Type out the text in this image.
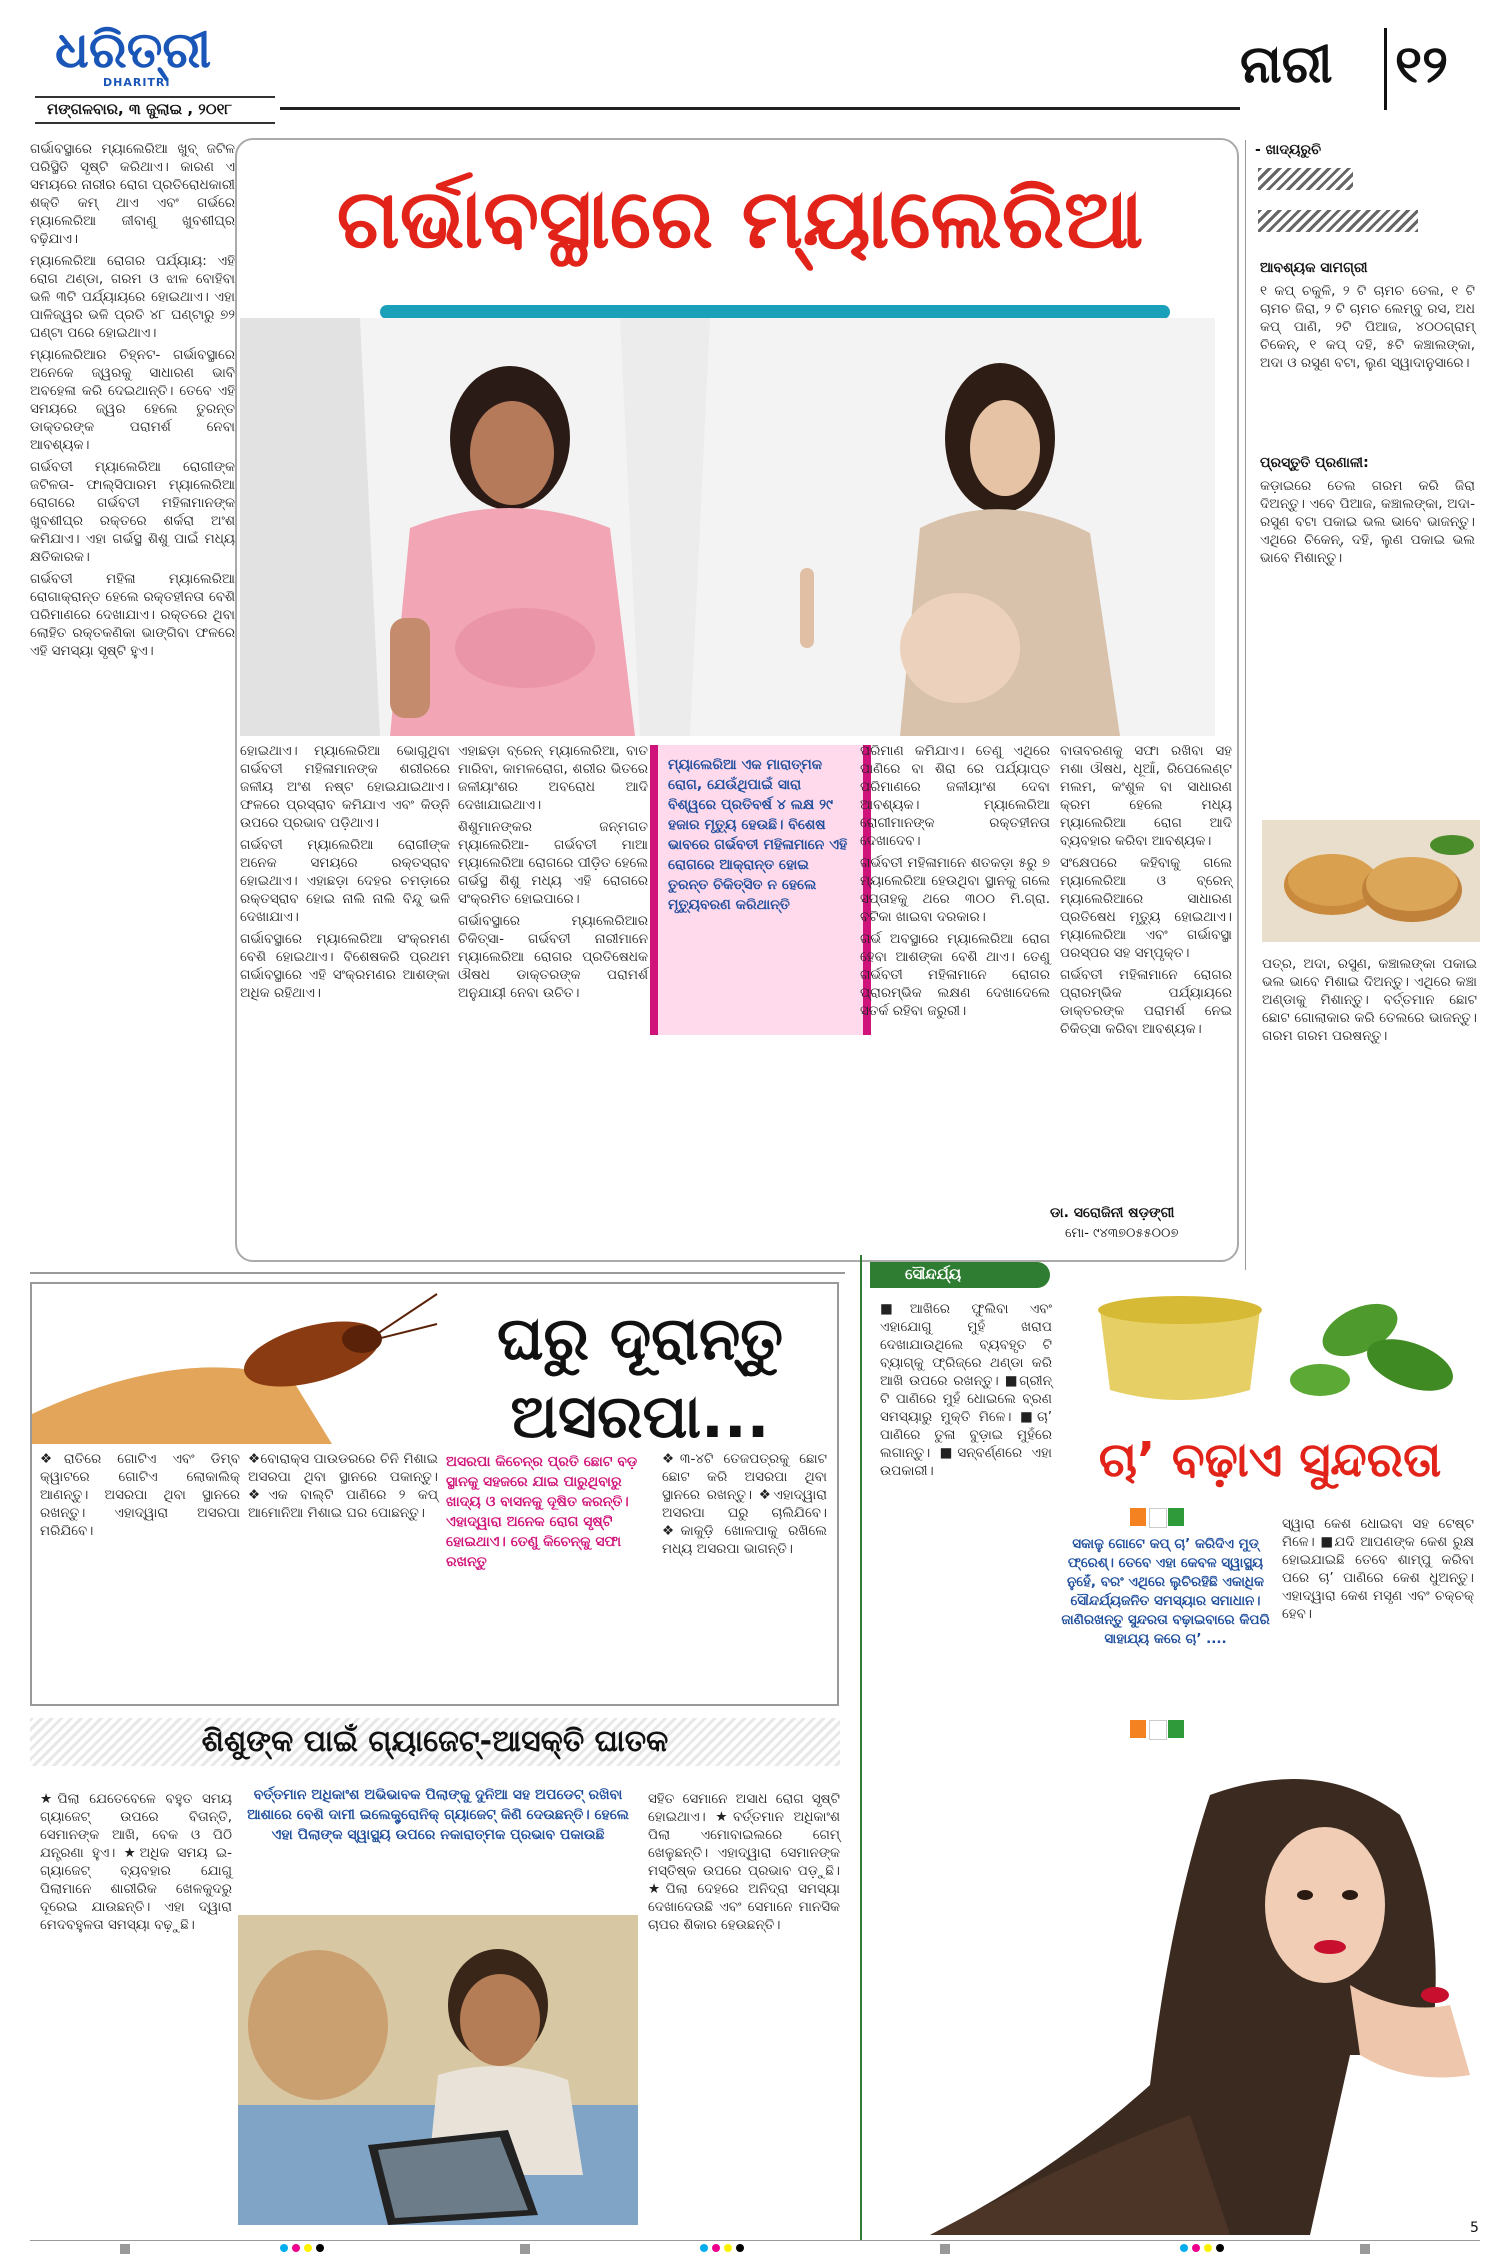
ଧରିତ୍ରୀ
DHARITRI
ମଙ୍ଗଳବାର, ୩ ଜୁଲାଇ , ୨୦୧୮
ନାରୀ ୧୨
ଗର୍ଭାବସ୍ଥାରେ ମ୍ୟାଲେରିଆ

ଗର୍ଭାବସ୍ଥାରେ ମ୍ୟାଲେରିଆ ଖୁବ୍ ଜଟିଳ ପରିସ୍ଥିତି ସୃଷ୍ଟି କରିଥାଏ। କାରଣ ଏ ସମୟରେ ନାରୀର ରୋଗ ପ୍ରତିରୋଧକାରୀ ଶକ୍ତି କମ୍ ଥାଏ ଏବଂ ଗର୍ଭରେ ମ୍ୟାଲେରିଆ ଜୀବାଣୁ ଖୁବଶୀଘ୍ର ବଢ଼ିଯାଏ।

ମ୍ୟାଲେରିଆ ରୋଗର ପର୍ଯ୍ୟାୟ: ଏହି ରୋଗ ଥଣ୍ଡା, ଗରମ ଓ ଝାଳ ବୋହିବା ଭଳି ୩ଟି ପର୍ଯ୍ୟାୟରେ ହୋଇଥାଏ। ଏହା ପାଳିଜ୍ୱର ଭଳି ପ୍ରତି ୪୮ ଘଣ୍ଟାରୁ ୭୨ ଘଣ୍ଟା ପରେ ହୋଇଥାଏ।

ମ୍ୟାଲେରିଆର ଚିହ୍ନଟ- ଗର୍ଭାବସ୍ଥାରେ ଅନେକେ ଜ୍ୱରକୁ ସାଧାରଣ ଭାବି ଅବହେଳା କରି ଦେଇଥାନ୍ତି। ତେବେ ଏହି ସମୟରେ ଜ୍ୱର ହେଲେ ତୁରନ୍ତ ଡାକ୍ତରଙ୍କ ପରାମର୍ଶ ନେବା ଆବଶ୍ୟକ।

ଗର୍ଭବତୀ ମ୍ୟାଲେରିଆ ରୋଗୀଙ୍କ ଜଟିଳତା- ଫାଲ୍ସିପାରମ ମ୍ୟାଲେରିଆ ରୋଗରେ ଗର୍ଭବତୀ ମହିଳାମାନଙ୍କ ଖୁବଶୀଘ୍ର ରକ୍ତରେ ଶର୍କରା ଅଂଶ କମିଯାଏ। ଏହା ଗର୍ଭସ୍ଥ ଶିଶୁ ପାଇଁ ମଧ୍ୟ କ୍ଷତିକାରକ।

ଗର୍ଭବତୀ ମହିଳା ମ୍ୟାଲେରିଆ ରୋଗାକ୍ରାନ୍ତ ହେଲେ ରକ୍ତହୀନତା ବେଶି ପରିମାଣରେ ଦେଖାଯାଏ। ରକ୍ତରେ ଥିବା ଲୋହିତ ରକ୍ତକଣିକା ଭାଙ୍ଗିବା ଫଳରେ ଏହି ସମସ୍ୟା ସୃଷ୍ଟି ହୁଏ।

ହୋଇଥାଏ। ମ୍ୟାଲେରିଆ ଭୋଗୁଥିବା ଗର୍ଭବତୀ ମହିଳାମାନଙ୍କ ଶରୀରରେ ଜଳୀୟ ଅଂଶ ନଷ୍ଟ ହୋଇଯାଇଥାଏ। ଫଳରେ ପ୍ରସ୍ରାବ କମିଯାଏ ଏବଂ କିଡ୍‌ନି ଉପରେ ପ୍ରଭାବ ପଡ଼ିଥାଏ।

ଗର୍ଭବତୀ ମ୍ୟାଲେରିଆ ରୋଗୀଙ୍କ ଅନେକ ସମୟରେ ରକ୍ତସ୍ରାବ ହୋଇଥାଏ। ଏହାଛଡ଼ା ଦେହର ଚମଡ଼ାରେ ରକ୍ତସ୍ରାବ ହୋଇ ନାଲି ନାଲି ବିନ୍ଦୁ ଭଳି ଦେଖାଯାଏ।

ଗର୍ଭାବସ୍ଥାରେ ମ୍ୟାଲେରିଆ ସଂକ୍ରମଣ ବେଶି ହୋଇଥାଏ। ବିଶେଷକରି ପ୍ରଥମ ଗର୍ଭାବସ୍ଥାରେ ଏହି ସଂକ୍ରମଣର ଆଶଙ୍କା ଅଧିକ ରହିଥାଏ।

ଏହାଛଡ଼ା ବ୍ରେନ୍ ମ୍ୟାଲେରିଆ, ବାତ ମାରିବା, କାମଳରୋଗ, ଶରୀର ଭିତରେ ଜଳୀୟାଂଶର ଅବରୋଧ ଆଦି ଦେଖାଯାଇଥାଏ।

ଶିଶୁମାନଙ୍କର ଜନ୍ମଗତ ମ୍ୟାଲେରିଆ- ଗର୍ଭବତୀ ମାଆ ମ୍ୟାଲେରିଆ ରୋଗରେ ପୀଡ଼ିତ ହେଲେ ଗର୍ଭସ୍ଥ ଶିଶୁ ମଧ୍ୟ ଏହି ରୋଗରେ ସଂକ୍ରମିତ ହୋଇପାରେ।

ଗର୍ଭାବସ୍ଥାରେ ମ୍ୟାଲେରିଆର ଚିକିତ୍ସା- ଗର୍ଭବତୀ ନାରୀମାନେ ମ୍ୟାଲେରିଆ ରୋଗର ପ୍ରତିଷେଧକ ଔଷଧ ଡାକ୍ତରଙ୍କ ପରାମର୍ଶ ଅନୁଯାୟୀ ନେବା ଉଚିତ।

ମ୍ୟାଲେରିଆ ଏକ ମାରାତ୍ମକ ରୋଗ, ଯେଉଁଥିପାଇଁ ସାରା ବିଶ୍ୱରେ ପ୍ରତିବର୍ଷ ୪ ଲକ୍ଷ ୨୯ ହଜାର ମୃତ୍ୟୁ ହେଉଛି। ବିଶେଷ ଭାବରେ ଗର୍ଭବତୀ ମହିଳାମାନେ ଏହି ରୋଗରେ ଆକ୍ରାନ୍ତ ହୋଇ ତୁରନ୍ତ ଚିକିତ୍ସିତ ନ ହେଲେ ମୃତ୍ୟୁବରଣ କରିଥାନ୍ତି

ପରିମାଣ କମିଯାଏ। ତେଣୁ ଏଥିରେ ପାଣିରେ ବା ଶିରା ରେ ପର୍ଯ୍ୟାପ୍ତ ପରିମାଣରେ ଜଳୀୟାଂଶ ଦେବା ଆବଶ୍ୟକ। ମ୍ୟାଲେରିଆ ରୋଗୀମାନଙ୍କ ରକ୍ତହୀନତା ଦେଖାଦେବ।

ଗର୍ଭବତୀ ମହିଳାମାନେ ଶତକଡ଼ା ୫ରୁ ୭ ମ୍ୟାଲେରିଆ ହେଉଥିବା ସ୍ଥାନକୁ ଗଲେ ସପ୍ତାହକୁ ଥରେ ୩୦୦ ମି.ଗ୍ରା. ବଟିକା ଖାଇବା ଦରକାର।

ଗର୍ଭ ଅବସ୍ଥାରେ ମ୍ୟାଲେରିଆ ରୋଗ ହେବା ଆଶଙ୍କା ବେଶି ଥାଏ। ତେଣୁ ଗର୍ଭବତୀ ମହିଳାମାନେ ରୋଗର ପ୍ରାରମ୍ଭିକ ଲକ୍ଷଣ ଦେଖାଦେଲେ ସତର୍କ ରହିବା ଜରୁରୀ।

ବାତାବରଣକୁ ସଫା ରଖିବା ସହ ମଶା ଔଷଧ, ଧୂଆଁ, ରିପେଲେଣ୍ଟ ମଲମ, କଂଶୁଳ ବା ସାଧାରଣ କ୍ରମ ହେଲେ ମଧ୍ୟ ମ୍ୟାଲେରିଆ ରୋଗ ଆଦି ବ୍ୟବହାର କରିବା ଆବଶ୍ୟକ।

ସଂକ୍ଷେପରେ କହିବାକୁ ଗଲେ ମ୍ୟାଲେରିଆ ଓ ବ୍ରେନ୍ ମ୍ୟାଲେରିଆରେ ସାଧାରଣ ପ୍ରତିଷେଧ ମୃତ୍ୟୁ ହୋଇଥାଏ। ମ୍ୟାଲେରିଆ ଏବଂ ଗର୍ଭାବସ୍ଥା ପରସ୍ପର ସହ ସମ୍ପୃକ୍ତ।

ଗର୍ଭବତୀ ମହିଳାମାନେ ରୋଗର ପ୍ରାରମ୍ଭିକ ପର୍ଯ୍ୟାୟରେ ଡାକ୍ତରଙ୍କ ପରାମର୍ଶ ନେଇ ଚିକିତ୍ସା କରିବା ଆବଶ୍ୟକ।

ଡା. ସରୋଜିନୀ ଷଡ଼ଙ୍ଗୀ
ମୋ- ୯୪୩୭୦୫୫୦୦୭
- ଖାଦ୍ୟରୁଚି
ଆବଶ୍ୟକ ସାମଗ୍ରୀ
୧ କପ୍ ଚକୁଳି, ୨ ଟି ଚାମଚ ତେଲ, ୧ ଟି ଚାମଚ ଜିରା, ୨ ଟି ଚାମଚ ଲେମ୍ବୁ ରସ, ଅଧ କପ୍ ପାଣି, ୨ଟି ପିଆଜ, ୪୦୦ଗ୍ରାମ୍ ଚିକେନ୍, ୧ କପ୍ ଦହି, ୫ଟି କଞ୍ଚାଲଙ୍କା, ଅଦା ଓ ରସୁଣ ବଟା, ଲୁଣ ସ୍ୱାଦାନୁସାରେ।
ପ୍ରସ୍ତୁତି ପ୍ରଣାଳୀ:
କଡ଼ାଇରେ ତେଲ ଗରମ କରି ଜିରା ଦିଅନ୍ତୁ। ଏବେ ପିଆଜ, କଞ୍ଚାଲଙ୍କା, ଅଦା-ରସୁଣ ବଟା ପକାଇ ଭଲ ଭାବେ ଭାଜନ୍ତୁ। ଏଥିରେ ଚିକେନ୍, ଦହି, ଲୁଣ ପକାଇ ଭଲ ଭାବେ ମିଶାନ୍ତୁ।
ପତ୍ର, ଅଦା, ରସୁଣ, କଞ୍ଚାଲଙ୍କା ପକାଇ ଭଲ ଭାବେ ମିଶାଇ ଦିଅନ୍ତୁ। ଏଥିରେ କଞ୍ଚା ଅଣ୍ଡାକୁ ମିଶାନ୍ତୁ। ବର୍ତ୍ତମାନ ଛୋଟ ଛୋଟ ଗୋଲାକାର କରି ତେଲରେ ଭାଜନ୍ତୁ। ଗରମ ଗରମ ପରଷନ୍ତୁ।
ଘରୁ ଦୂରାନ୍ତୁ ଅସରପା...
❖ରାତିରେ ଗୋଟିଏ ଏବଂ ଡିମ୍ବ କ୍ୱାଟରେ ଗୋଟିଏ ଲୋକାଲିକ୍ ଆଣନ୍ତୁ। ଅସରପା ଥିବା ସ୍ଥାନରେ ରଖନ୍ତୁ। ଏହାଦ୍ୱାରା ଅସରପା ମରିଯିବେ।
❖ବୋରାକ୍ସ ପାଉଡରରେ ଚିନି ମିଶାଇ ଅସରପା ଥିବା ସ୍ଥାନରେ ପକାନ୍ତୁ। ❖ଏକ ବାଲ୍‌ଟି ପାଣିରେ ୨ କପ୍ ଆମୋନିଆ ମିଶାଇ ଘର ପୋଛନ୍ତୁ।
ଅସରପା କିଚେନ୍‌ର ପ୍ରତି ଛୋଟ ବଡ଼ ସ୍ଥାନକୁ ସହଜରେ ଯାଇ ପାରୁଥିବାରୁ ଖାଦ୍ୟ ଓ ବାସନକୁ ଦୂଷିତ କରନ୍ତି। ଏହାଦ୍ୱାରା ଅନେକ ରୋଗ ସୃଷ୍ଟି ହୋଇଥାଏ। ତେଣୁ କିଚେନ୍‌କୁ ସଫା ରଖନ୍ତୁ
❖୩-୪ଟି ତେଜପତ୍ରକୁ ଛୋଟ ଛୋଟ କରି ଅସରପା ଥିବା ସ୍ଥାନରେ ରଖନ୍ତୁ। ❖ଏହାଦ୍ୱାରା ଅସରପା ଘରୁ ଚାଲିଯିବେ। ❖କାକୁଡ଼ି ଖୋଳପାକୁ ରଖିଲେ ମଧ୍ୟ ଅସରପା ଭାଗନ୍ତି।
ଶିଶୁଙ୍କ ପାଇଁ ଗ୍ୟାଜେଟ୍-ଆସକ୍ତି ଘାତକ
ବର୍ତ୍ତମାନ ଅଧିକାଂଶ ଅଭିଭାବକ ପିଲାଙ୍କୁ ଦୁନିଆ ସହ ଅପଡେଟ୍ ରଖିବା ଆଶାରେ ବେଶି ଦାମୀ ଇଲେକ୍ଟ୍ରୋନିକ୍ ଗ୍ୟାଜେଟ୍ କିଣି ଦେଉଛନ୍ତି। ହେଲେ ଏହା ପିଲାଙ୍କ ସ୍ୱାସ୍ଥ୍ୟ ଉପରେ ନକାରାତ୍ମକ ପ୍ରଭାବ ପକାଉଛି
★ପିଲା ଯେତେବେଳେ ବହୁତ ସମୟ ଗ୍ୟାଜେଟ୍ ଉପରେ ବିତାନ୍ତି, ସେମାନଙ୍କ ଆଖି, ବେକ ଓ ପିଠି ଯନ୍ତ୍ରଣା ହୁଏ। ★ଅଧିକ ସମୟ ଇ-ଗ୍ୟାଜେଟ୍ ବ୍ୟବହାର ଯୋଗୁ ପିଲାମାନେ ଶାରୀରିକ ଖେଳକୁଦରୁ ଦୂରେଇ ଯାଉଛନ୍ତି। ଏହା ଦ୍ୱାରା ମେଦବହୁଳତା ସମସ୍ୟା ବଢ଼ୁଛି।
ସହିତ ସେମାନେ ଅସାଧ ରୋଗ ସୃଷ୍ଟି ହୋଇଥାଏ। ★ବର୍ତ୍ତମାନ ଅଧିକାଂଶ ପିଲା ଏମୋବାଇଲରେ ଗେମ୍ ଖେଳୁଛନ୍ତି। ଏହାଦ୍ୱାରା ସେମାନଙ୍କ ମସ୍ତିଷ୍କ ଉପରେ ପ୍ରଭାବ ପଡ଼ୁଛି। ★ପିଲା ଦେହରେ ଅନିଦ୍ରା ସମସ୍ୟା ଦେଖାଦେଉଛି ଏବଂ ସେମାନେ ମାନସିକ ଚାପର ଶିକାର ହେଉଛନ୍ତି।
ସୌନ୍ଦର୍ଯ୍ୟ
ଚା’ ବଢ଼ାଏ ସୁନ୍ଦରତା
ସକାଳୁ ଗୋଟେ କପ୍ ଚା’ କରିଦିଏ ମୁଡ୍ ଫ୍ରେଶ୍। ତେବେ ଏହା କେବଳ ସ୍ୱାସ୍ଥ୍ୟ ନୁହେଁ, ବରଂ ଏଥିରେ ଲୁଚିରହିଛି ଏକାଧିକ ସୌନ୍ଦର୍ଯ୍ୟଜନିତ ସମସ୍ୟାର ସମାଧାନ। ଜାଣିରଖନ୍ତୁ ସୁନ୍ଦରତା ବଢ଼ାଇବାରେ କିପରି ସାହାଯ୍ୟ କରେ ଚା’ ....
■ଆଖିରେ ଫୁଲିବା ଏବଂ ଏହାଯୋଗୁ ମୁହଁ ଖରାପ ଦେଖାଯାଉଥିଲେ ବ୍ୟବହୃତ ଟି ବ୍ୟାଗ୍‌କୁ ଫ୍ରିଜ୍‌ରେ ଥଣ୍ଡା କରି ଆଖି ଉପରେ ରଖନ୍ତୁ। ■ଗ୍ରୀନ୍ ଟି ପାଣିରେ ମୁହଁ ଧୋଇଲେ ବ୍ରଣ ସମସ୍ୟାରୁ ମୁକ୍ତି ମିଳେ। ■ଚା’ ପାଣିରେ ତୁଳା ବୁଡ଼ାଇ ମୁହଁରେ ଲଗାନ୍ତୁ। ■ସନ୍‌ବର୍ଣ୍ଣରେ ଏହା ଉପକାରୀ।
ସ୍ୱାରା କେଶ ଧୋଇବା ସହ ଟେଷ୍ଟ ମିଳେ। ■ଯଦି ଆପଣଙ୍କ କେଶ ରୁକ୍ଷ ହୋଇଯାଇଛି ତେବେ ଶାମ୍ପୁ କରିବା ପରେ ଚା’ ପାଣିରେ କେଶ ଧୁଅନ୍ତୁ। ଏହାଦ୍ୱାରା କେଶ ମସୃଣ ଏବଂ ଚକ୍‌ଚକ୍ ହେବ।
5
